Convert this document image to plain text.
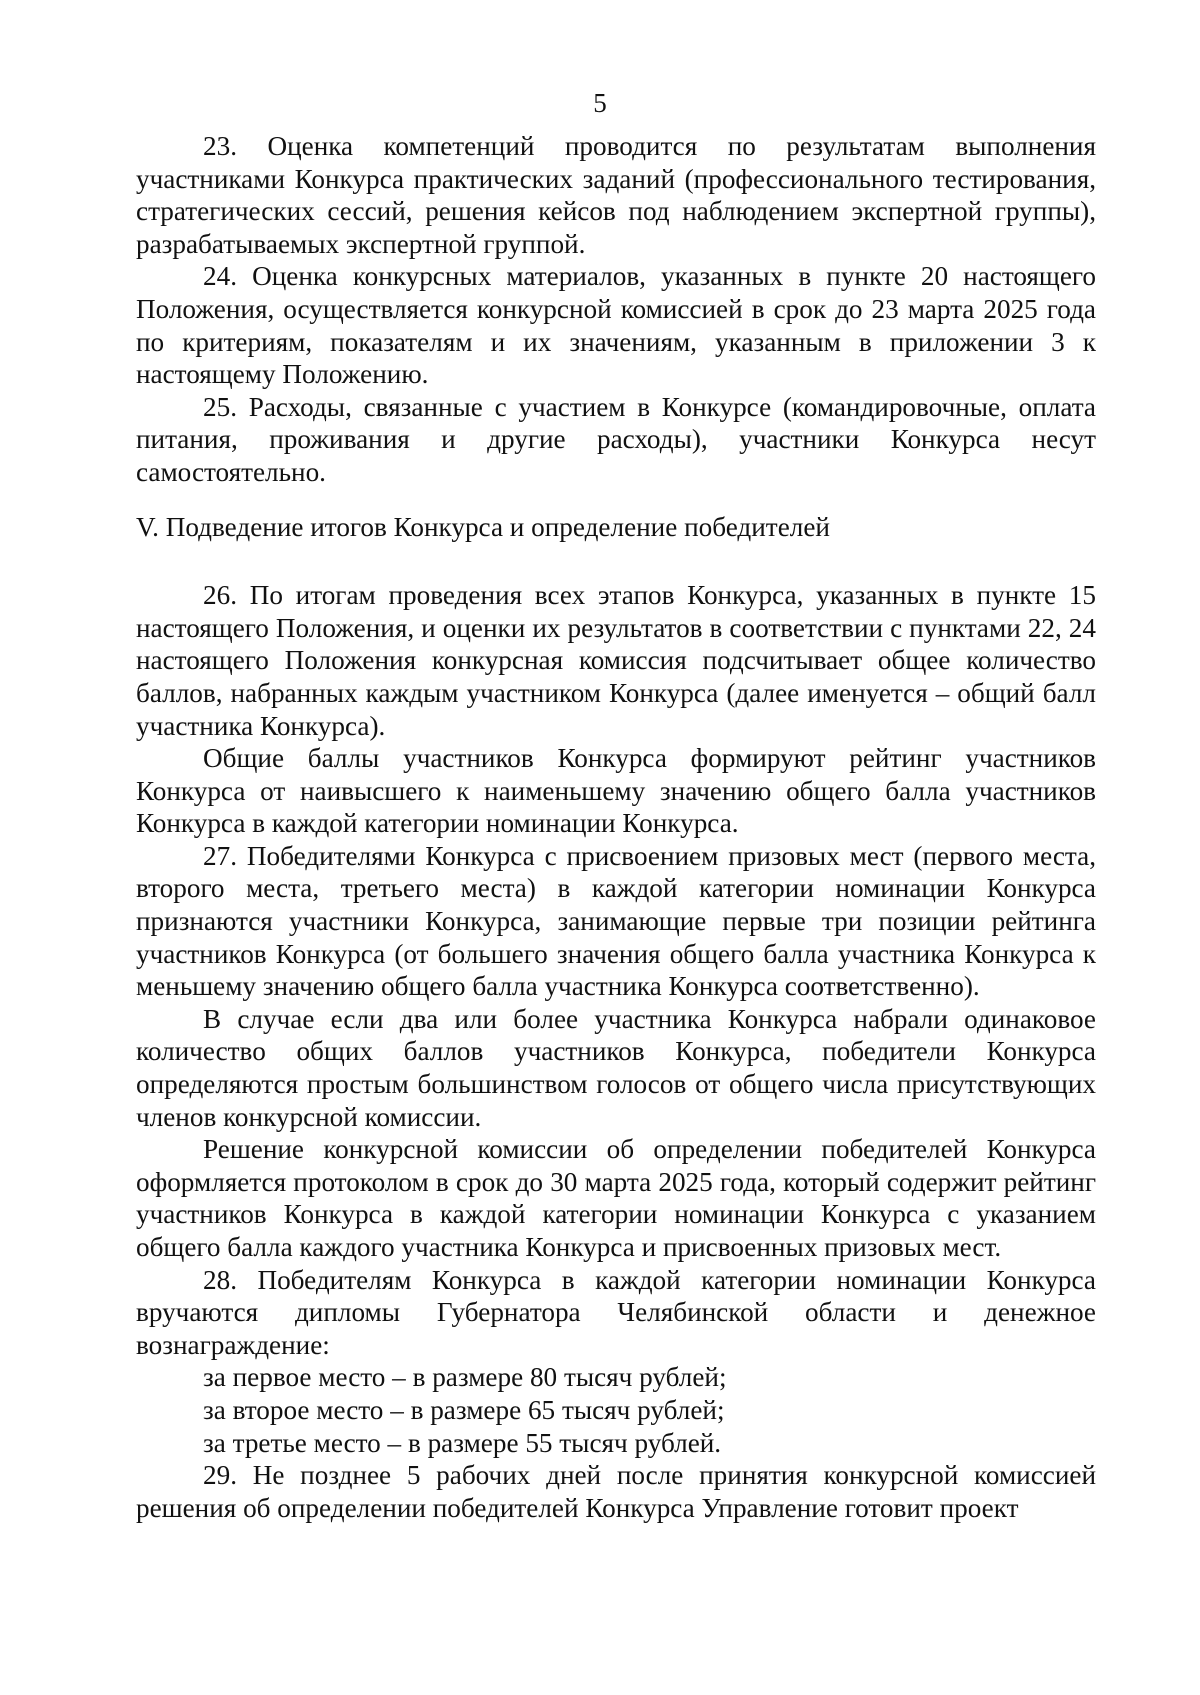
5

23. Оценка компетенций проводится по результатам выполнения участниками Конкурса практических заданий (профессионального тестирования, стратегических сессий, решения кейсов под наблюдением экспертной группы), разрабатываемых экспертной группой.

24. Оценка конкурсных материалов, указанных в пункте 20 настоящего Положения, осуществляется конкурсной комиссией в срок до 23 марта 2025 года по критериям, показателям и их значениям, указанным в приложении 3 к настоящему Положению.

25. Расходы, связанные с участием в Конкурсе (командировочные, оплата питания, проживания и другие расходы), участники Конкурса несут самостоятельно.

V. Подведение итогов Конкурса и определение победителей

26. По итогам проведения всех этапов Конкурса, указанных в пункте 15 настоящего Положения, и оценки их результатов в соответствии с пунктами 22, 24 настоящего Положения конкурсная комиссия подсчитывает общее количество баллов, набранных каждым участником Конкурса (далее именуется – общий балл участника Конкурса).

Общие баллы участников Конкурса формируют рейтинг участников Конкурса от наивысшего к наименьшему значению общего балла участников Конкурса в каждой категории номинации Конкурса.

27. Победителями Конкурса с присвоением призовых мест (первого места, второго места, третьего места) в каждой категории номинации Конкурса признаются участники Конкурса, занимающие первые три позиции рейтинга участников Конкурса (от большего значения общего балла участника Конкурса к меньшему значению общего балла участника Конкурса соответственно).

В случае если два или более участника Конкурса набрали одинаковое количество общих баллов участников Конкурса, победители Конкурса определяются простым большинством голосов от общего числа присутствующих членов конкурсной комиссии.

Решение конкурсной комиссии об определении победителей Конкурса оформляется протоколом в срок до 30 марта 2025 года, который содержит рейтинг участников Конкурса в каждой категории номинации Конкурса с указанием общего балла каждого участника Конкурса и присвоенных призовых мест.

28. Победителям Конкурса в каждой категории номинации Конкурса вручаются дипломы Губернатора Челябинской области и денежное вознаграждение:

за первое место – в размере 80 тысяч рублей;

за второе место – в размере 65 тысяч рублей;

за третье место – в размере 55 тысяч рублей.

29. Не позднее 5 рабочих дней после принятия конкурсной комиссией решения об определении победителей Конкурса Управление готовит проект
